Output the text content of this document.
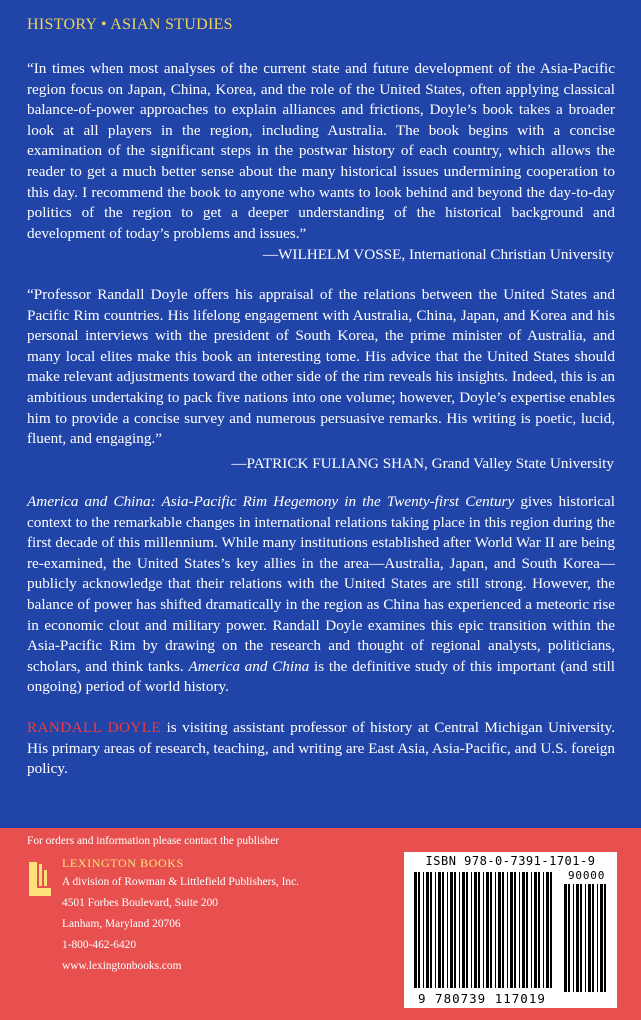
HISTORY • ASIAN STUDIES
“In times when most analyses of the current state and future development of the Asia-Pacific region focus on Japan, China, Korea, and the role of the United States, often applying classical balance-of-power approaches to explain alliances and frictions, Doyle’s book takes a broader look at all players in the region, including Australia. The book begins with a concise examination of the significant steps in the postwar history of each country, which allows the reader to get a much better sense about the many historical issues undermining cooperation to this day. I recommend the book to anyone who wants to look behind and beyond the day-to-day politics of the region to get a deeper understanding of the historical background and development of today’s problems and issues.”
—WILHELM VOSSE, International Christian University
“Professor Randall Doyle offers his appraisal of the relations between the United States and Pacific Rim countries. His lifelong engagement with Australia, China, Japan, and Korea and his personal interviews with the president of South Korea, the prime minister of Australia, and many local elites make this book an interesting tome. His advice that the United States should make relevant adjustments toward the other side of the rim reveals his insights. Indeed, this is an ambitious undertaking to pack five nations into one volume; however, Doyle’s expertise enables him to provide a concise survey and numerous persuasive remarks. His writing is poetic, lucid, fluent, and engaging.”
—PATRICK FULIANG SHAN, Grand Valley State University
America and China: Asia-Pacific Rim Hegemony in the Twenty-first Century gives historical context to the remarkable changes in international relations taking place in this region during the first decade of this millennium. While many institutions established after World War II are being re-examined, the United States’s key allies in the area—Australia, Japan, and South Korea—publicly acknowledge that their relations with the United States are still strong. However, the balance of power has shifted dramatically in the region as China has experienced a meteoric rise in economic clout and military power. Randall Doyle examines this epic transition within the Asia-Pacific Rim by drawing on the research and thought of regional analysts, politicians, scholars, and think tanks. America and China is the definitive study of this important (and still ongoing) period of world history.
RANDALL DOYLE is visiting assistant professor of history at Central Michigan University. His primary areas of research, teaching, and writing are East Asia, Asia-Pacific, and U.S. foreign policy.
For orders and information please contact the publisher
LEXINGTON BOOKS
A division of Rowman & Littlefield Publishers, Inc.
4501 Forbes Boulevard, Suite 200
Lanham, Maryland 20706
1-800-462-6420
www.lexingtonbooks.com
ISBN 978-0-7391-1701-9
90000
9 780739 117019
